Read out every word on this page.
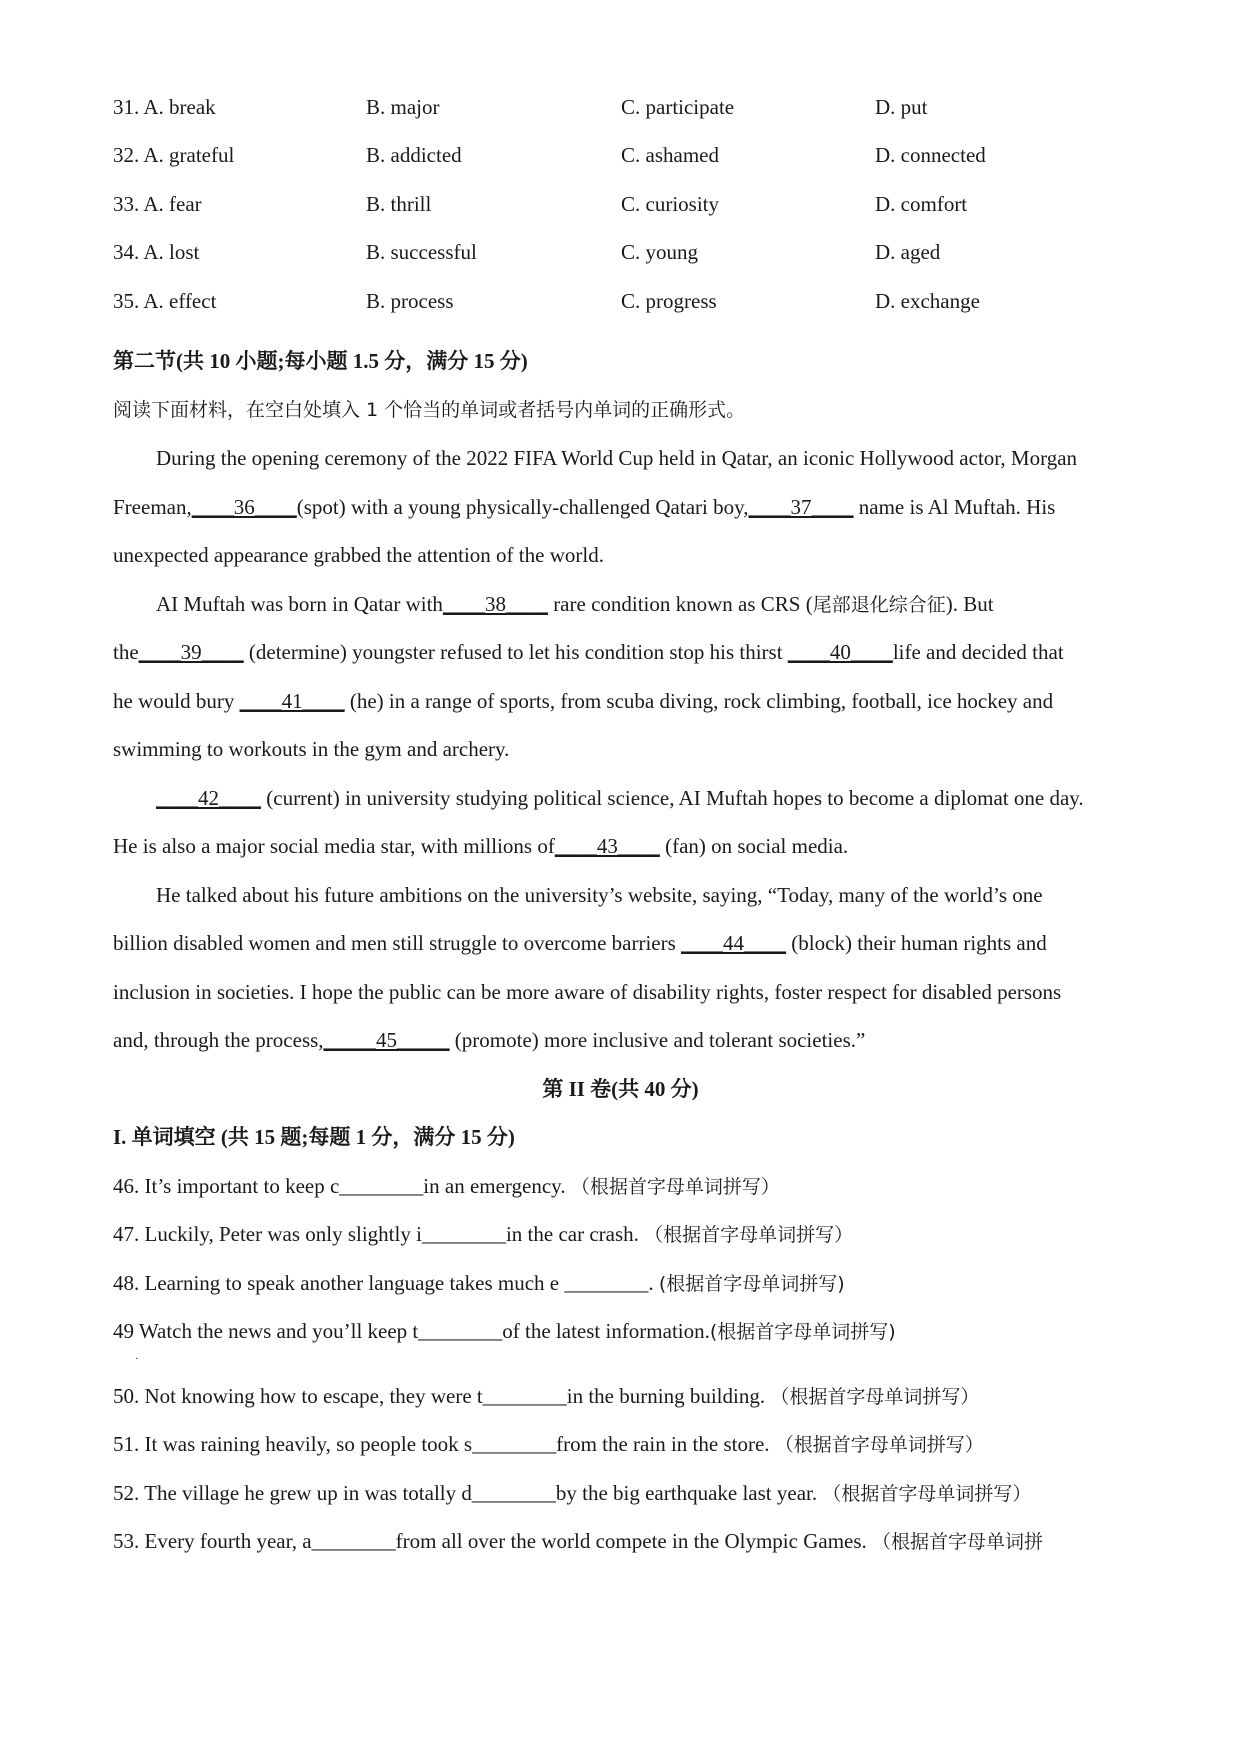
31. A. break	B. major	C. participate	D. put
32. A. grateful	B. addicted	C. ashamed	D. connected
33. A. fear	B. thrill	C. curiosity	D. comfort
34. A. lost	B. successful	C. young	D. aged
35. A. effect	B. process	C. progress	D. exchange
第二节(共 10 小题;每小题 1.5 分，满分 15 分)
阅读下面材料，在空白处填入 1 个恰当的单词或者括号内单词的正确形式。
During the opening ceremony of the 2022 FIFA World Cup held in Qatar, an iconic Hollywood actor, Morgan
Freeman,____36____(spot) with a young physically-challenged Qatari boy,____37____ name is Al Muftah. His
unexpected appearance grabbed the attention of the world.
AI Muftah was born in Qatar with____38____ rare condition known as CRS (尾部退化综合征). But
the____39____ (determine) youngster refused to let his condition stop his thirst ____40____life and decided that
he would bury ____41____ (he) in a range of sports, from scuba diving, rock climbing, football, ice hockey and
swimming to workouts in the gym and archery.
____42____ (current) in university studying political science, AI Muftah hopes to become a diplomat one day.
He is also a major social media star, with millions of____43____ (fan) on social media.
He talked about his future ambitions on the university’s website, saying, “Today, many of the world’s one
billion disabled women and men still struggle to overcome barriers ____44____ (block) their human rights and
inclusion in societies. I hope the public can be more aware of disability rights, foster respect for disabled persons
and, through the process,_____45_____ (promote) more inclusive and tolerant societies.”
第 II 卷(共 40 分)
I. 单词填空 (共 15 题;每题 1 分，满分 15 分)
46. It’s important to keep c________in an emergency. （根据首字母单词拼写）
47. Luckily, Peter was only slightly i________in the car crash. （根据首字母单词拼写）
48. Learning to speak another language takes much e ________. (根据首字母单词拼写)
49 Watch the news and you’ll keep t________of the latest information.(根据首字母单词拼写)
·
50. Not knowing how to escape, they were t________in the burning building. （根据首字母单词拼写）
51. It was raining heavily, so people took s________from the rain in the store. （根据首字母单词拼写）
52. The village he grew up in was totally d________by the big earthquake last year. （根据首字母单词拼写）
53. Every fourth year, a________from all over the world compete in the Olympic Games. （根据首字母单词拼
